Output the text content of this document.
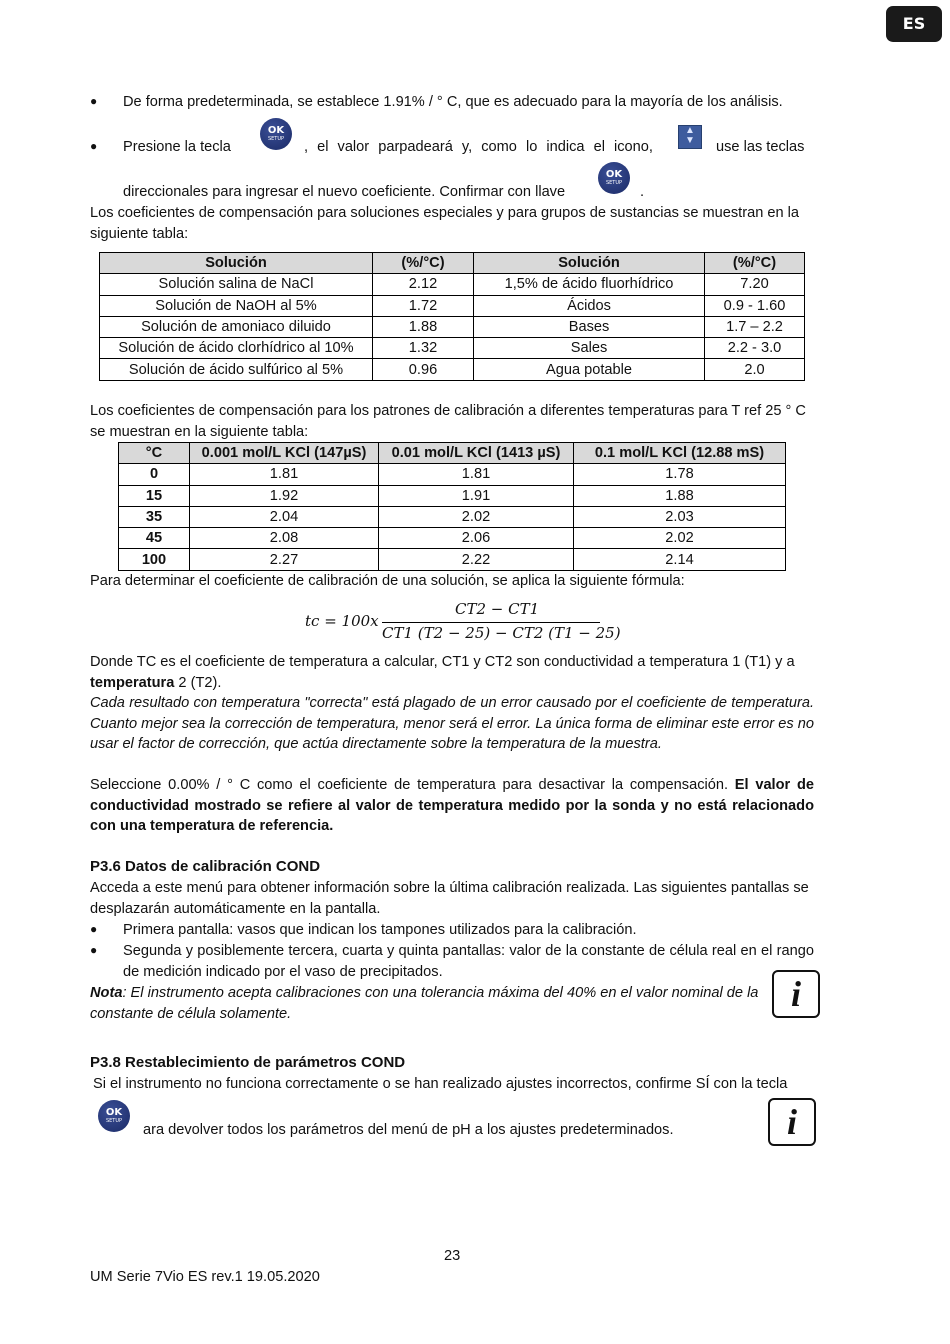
ES
● De forma predeterminada, se establece 1.91% / ° C, que es adecuado para la mayoría de los análisis.
● Presione la tecla
OK
SETUP	, el valor parpadeará y, como lo indica el icono,
▲
▼	use las teclas
direccionales para ingresar el nuevo coeficiente. Confirmar con llave
OK
SETUP
.
Los coeficientes de compensación para soluciones especiales y para grupos de sustancias se muestran en la siguiente tabla:
Solución	(%/°C)	Solución	(%/°C)
Solución salina de NaCl	2.12	1,5% de ácido fluorhídrico	7.20
Solución de NaOH al 5%	1.72	Ácidos	0.9 - 1.60
Solución de amoniaco diluido	1.88	Bases	1.7 – 2.2
Solución de ácido clorhídrico al 10%	1.32	Sales	2.2 - 3.0
Solución de ácido sulfúrico al 5%	0.96	Agua potable	2.0
Los coeficientes de compensación para los patrones de calibración a diferentes temperaturas para T ref 25 ° C se muestran en la siguiente tabla:
°C	0.001 mol/L KCl (147µS)	0.01 mol/L KCl (1413 µS)	0.1 mol/L KCl (12.88 mS)
0	1.81	1.81	1.78
15	1.92	1.91	1.88
35	2.04	2.02	2.03
45	2.08	2.06	2.02
100	2.27	2.22	2.14
Para determinar el coeficiente de calibración de una solución, se aplica la siguiente fórmula:
tc = 100x
CT2 − CT1
CT1 (T2 − 25) − CT2 (T1 − 25)
Donde TC es el coeficiente de temperatura a calcular, CT1 y CT2 son conductividad a temperatura 1 (T1) y a
temperatura 2 (T2).
Cada resultado con temperatura "correcta" está plagado de un error causado por el coeficiente de temperatura. Cuanto mejor sea la corrección de temperatura, menor será el error. La única forma de eliminar este error es no usar el factor de corrección, que actúa directamente sobre la temperatura de la muestra.
Seleccione 0.00% / ° C como el coeficiente de temperatura para desactivar la compensación. El valor de conductividad mostrado se refiere al valor de temperatura medido por la sonda y no está relacionado con una temperatura de referencia.
P3.6 Datos de calibración COND
Acceda a este menú para obtener información sobre la última calibración realizada. Las siguientes pantallas se desplazarán automáticamente en la pantalla.
● Primera pantalla: vasos que indican los tampones utilizados para la calibración.
● Segunda y posiblemente tercera, cuarta y quinta pantallas: valor de la constante de célula real en el rango de medición indicado por el vaso de precipitados.
Nota: El instrumento acepta calibraciones con una tolerancia máxima del 40% en el valor nominal de la constante de célula solamente.	i
P3.8 Restablecimiento de parámetros COND
Si el instrumento no funciona correctamente o se han realizado ajustes incorrectos, confirme SÍ con la tecla
OK
SETUP
ara devolver todos los parámetros del menú de pH a los ajustes predeterminados.	i
23
UM Serie 7Vio ES rev.1 19.05.2020
